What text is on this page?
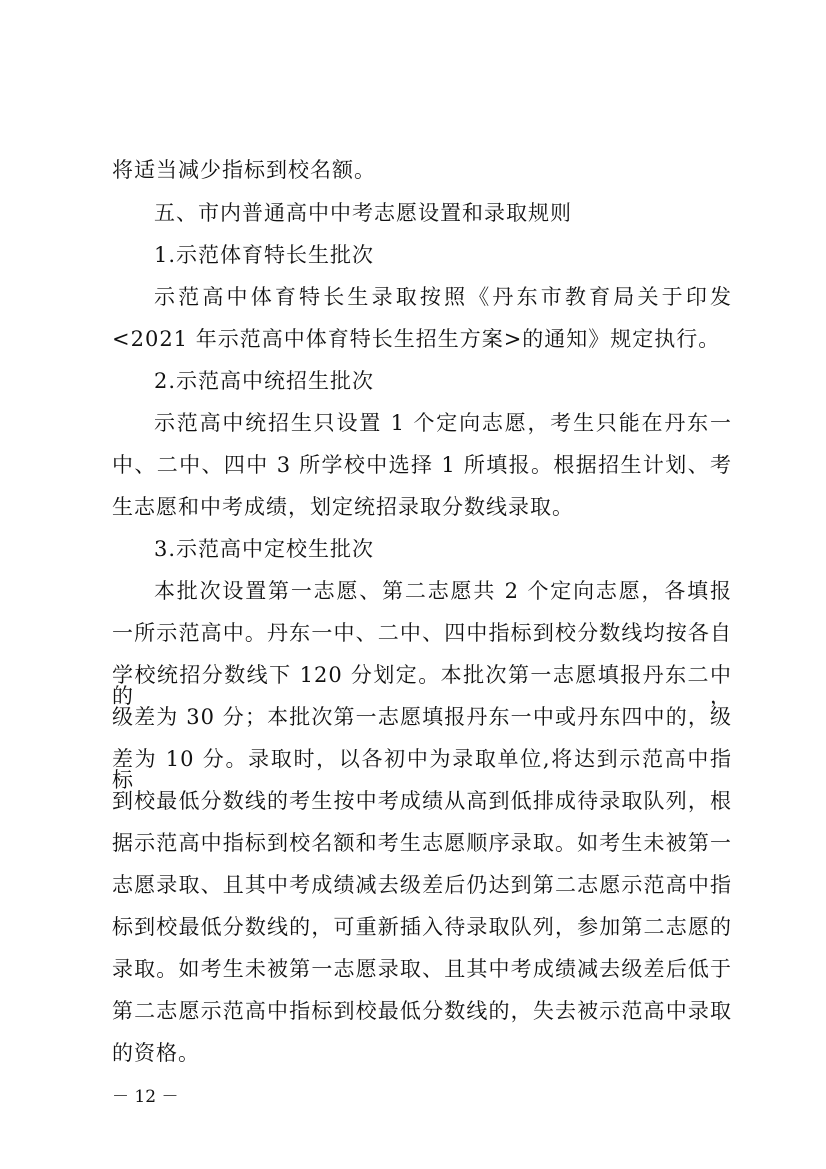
将适当减少指标到校名额。
五、市内普通高中中考志愿设置和录取规则
1.示范体育特长生批次
示范高中体育特长生录取按照《丹东市教育局关于印发
<2021 年示范高中体育特长生招生方案>的通知》规定执行。
2.示范高中统招生批次
示范高中统招生只设置 1 个定向志愿，考生只能在丹东一
中、二中、四中 3 所学校中选择 1 所填报。根据招生计划、考
生志愿和中考成绩，划定统招录取分数线录取。
3.示范高中定校生批次
本批次设置第一志愿、第二志愿共 2 个定向志愿，各填报
一所示范高中。丹东一中、二中、四中指标到校分数线均按各自
学校统招分数线下 120 分划定。本批次第一志愿填报丹东二中的，
级差为 30 分；本批次第一志愿填报丹东一中或丹东四中的，级
差为 10 分。录取时，以各初中为录取单位,将达到示范高中指标
到校最低分数线的考生按中考成绩从高到低排成待录取队列，根
据示范高中指标到校名额和考生志愿顺序录取。如考生未被第一
志愿录取、且其中考成绩减去级差后仍达到第二志愿示范高中指
标到校最低分数线的，可重新插入待录取队列，参加第二志愿的
录取。如考生未被第一志愿录取、且其中考成绩减去级差后低于
第二志愿示范高中指标到校最低分数线的，失去被示范高中录取
的资格。
－ 12 －
